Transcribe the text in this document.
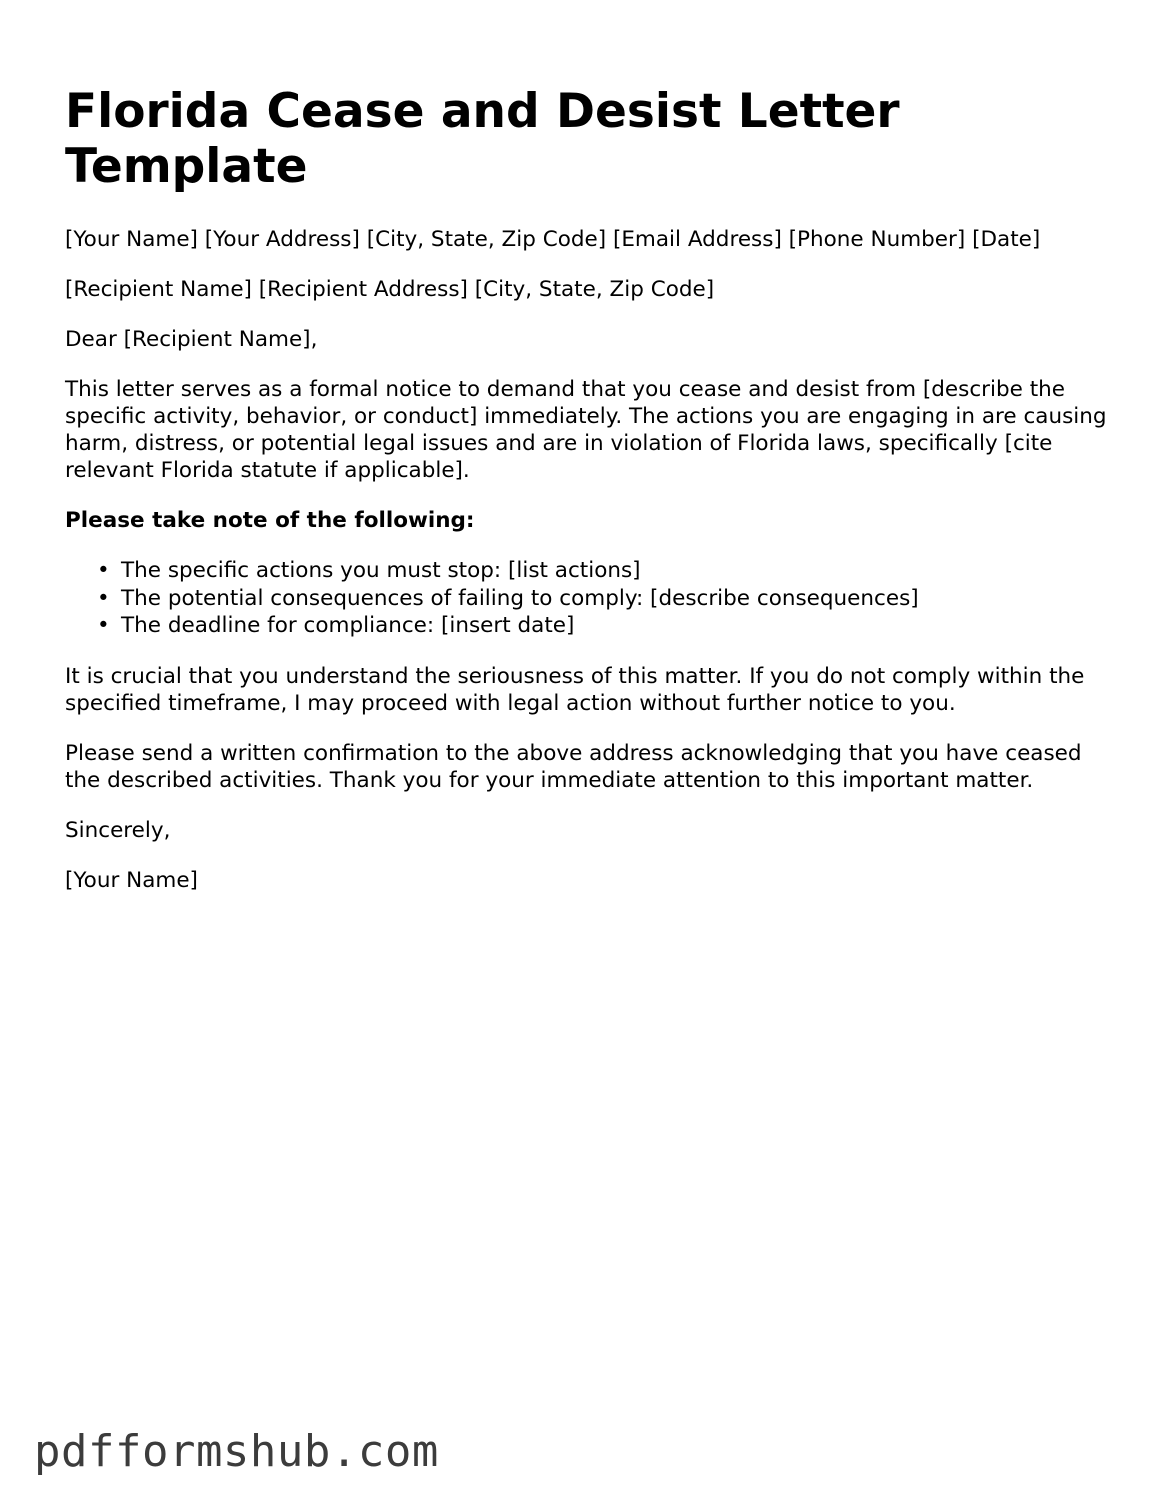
Florida Cease and Desist Letter Template

[Your Name] [Your Address] [City, State, Zip Code] [Email Address] [Phone Number] [Date]

[Recipient Name] [Recipient Address] [City, State, Zip Code]

Dear [Recipient Name],

This letter serves as a formal notice to demand that you cease and desist from [describe the specific activity, behavior, or conduct] immediately. The actions you are engaging in are causing harm, distress, or potential legal issues and are in violation of Florida laws, specifically [cite relevant Florida statute if applicable].

Please take note of the following:

• The specific actions you must stop: [list actions]
• The potential consequences of failing to comply: [describe consequences]
• The deadline for compliance: [insert date]

It is crucial that you understand the seriousness of this matter. If you do not comply within the specified timeframe, I may proceed with legal action without further notice to you.

Please send a written confirmation to the above address acknowledging that you have ceased the described activities. Thank you for your immediate attention to this important matter.

Sincerely,

[Your Name]

pdfformshub.com
